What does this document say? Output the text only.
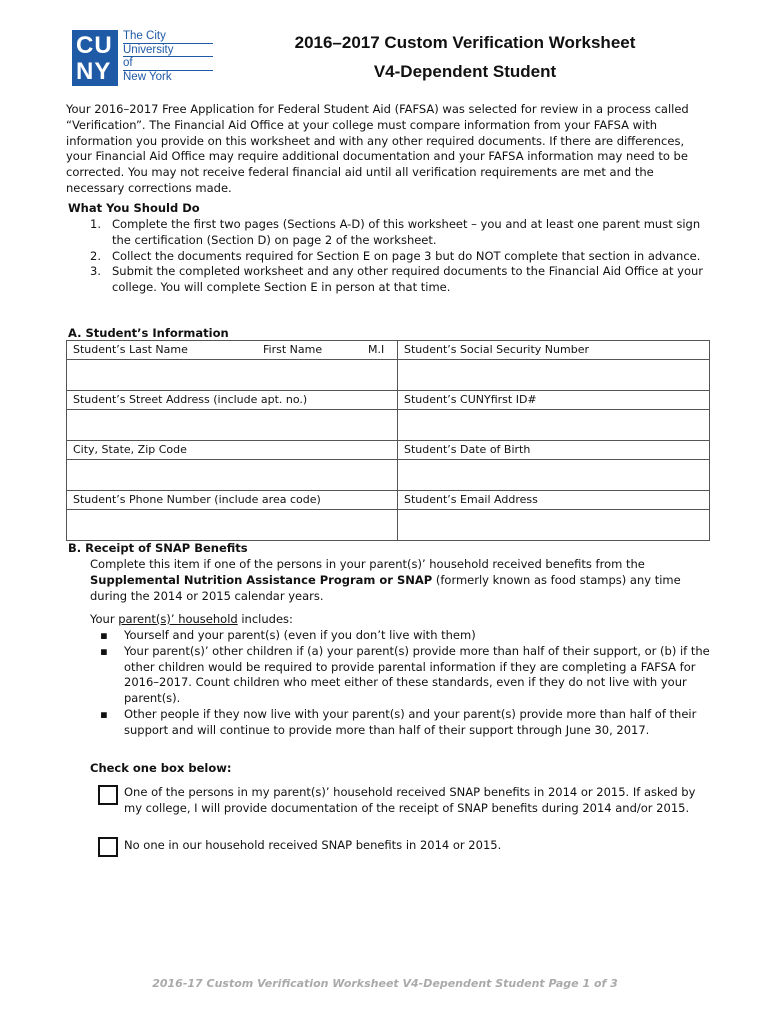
CU
NY
The City
University
of
New York
2016–2017 Custom Verification Worksheet
V4-Dependent Student
Your 2016–2017 Free Application for Federal Student Aid (FAFSA) was selected for review in a process called “Verification”. The Financial Aid Office at your college must compare information from your FAFSA with information you provide on this worksheet and with any other required documents. If there are differences, your Financial Aid Office may require additional documentation and your FAFSA information may need to be corrected. You may not receive federal financial aid until all verification requirements are met and the necessary corrections made.
What You Should Do
1. Complete the first two pages (Sections A-D) of this worksheet – you and at least one parent must sign the certification (Section D) on page 2 of the worksheet.
2. Collect the documents required for Section E on page 3 but do NOT complete that section in advance.
3. Submit the completed worksheet and any other required documents to the Financial Aid Office at your college. You will complete Section E in person at that time.
A. Student’s Information
Student’s Last Name First Name M.I	Student’s Social Security Number

Student’s Street Address (include apt. no.)	Student’s CUNYfirst ID#

City, State, Zip Code	Student’s Date of Birth

Student’s Phone Number (include area code)	Student’s Email Address

B. Receipt of SNAP Benefits
Complete this item if one of the persons in your parent(s)’ household received benefits from the Supplemental Nutrition Assistance Program or SNAP (formerly known as food stamps) any time during the 2014 or 2015 calendar years.
Your parent(s)’ household includes:
▪	Yourself and your parent(s) (even if you don’t live with them)
▪	Your parent(s)’ other children if (a) your parent(s) provide more than half of their support, or (b) if the other children would be required to provide parental information if they are completing a FAFSA for 2016–2017. Count children who meet either of these standards, even if they do not live with your parent(s).
▪	Other people if they now live with your parent(s) and your parent(s) provide more than half of their support and will continue to provide more than half of their support through June 30, 2017.
Check one box below:
One of the persons in my parent(s)’ household received SNAP benefits in 2014 or 2015. If asked by my college, I will provide documentation of the receipt of SNAP benefits during 2014 and/or 2015.
No one in our household received SNAP benefits in 2014 or 2015.
2016-17 Custom Verification Worksheet V4-Dependent Student Page 1 of 3
